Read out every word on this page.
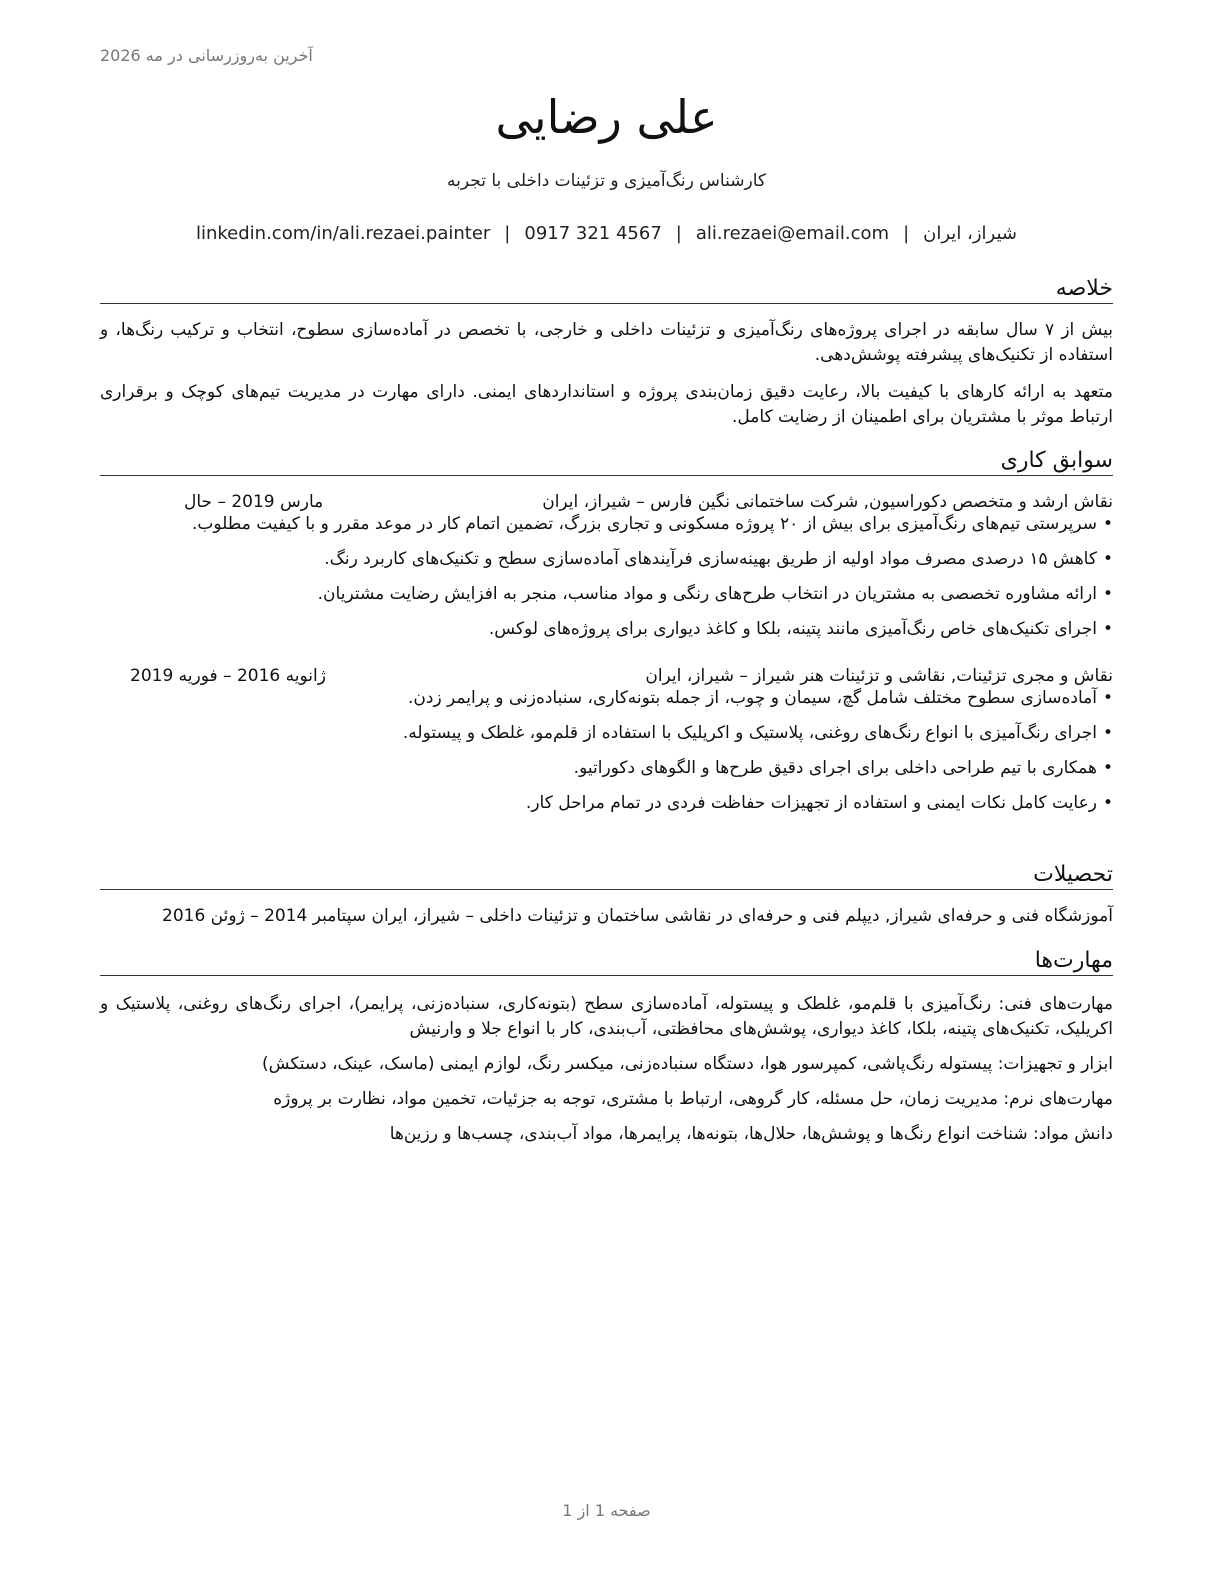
آخرین به‌روزرسانی در مه 2026
علی رضایی
کارشناس رنگ‌آمیزی و تزئینات داخلی با تجربه
شیراز، ایران|ali.rezaei@email.com|0917 321 4567|linkedin.com/in/ali.rezaei.painter
خلاصه

بیش از ۷ سال سابقه در اجرای پروژه‌های رنگ‌آمیزی و تزئینات داخلی و خارجی، با تخصص در آماده‌سازی سطوح، انتخاب و ترکیب رنگ‌ها، و استفاده از تکنیک‌های پیشرفته پوشش‌دهی.

متعهد به ارائه کارهای با کیفیت بالا، رعایت دقیق زمان‌بندی پروژه و استانداردهای ایمنی. دارای مهارت در مدیریت تیم‌های کوچک و برقراری ارتباط موثر با مشتریان برای اطمینان از رضایت کامل.

سوابق کاری
نقاش ارشد و متخصص دکوراسیون, شرکت ساختمانی نگین فارس – شیراز، ایران
مارس 2019 – حال
•سرپرستی تیم‌های رنگ‌آمیزی برای بیش از ۲۰ پروژه مسکونی و تجاری بزرگ، تضمین اتمام کار در موعد مقرر و با کیفیت مطلوب.
•کاهش ۱۵ درصدی مصرف مواد اولیه از طریق بهینه‌سازی فرآیندهای آماده‌سازی سطح و تکنیک‌های کاربرد رنگ.
•ارائه مشاوره تخصصی به مشتریان در انتخاب طرح‌های رنگی و مواد مناسب، منجر به افزایش رضایت مشتریان.
•اجرای تکنیک‌های خاص رنگ‌آمیزی مانند پتینه، بلکا و کاغذ دیواری برای پروژه‌های لوکس.
نقاش و مجری تزئینات, نقاشی و تزئینات هنر شیراز – شیراز، ایران
ژانویه 2016 – فوریه 2019
•آماده‌سازی سطوح مختلف شامل گچ، سیمان و چوب، از جمله بتونه‌کاری، سنباده‌زنی و پرایمر زدن.
•اجرای رنگ‌آمیزی با انواع رنگ‌های روغنی، پلاستیک و اکریلیک با استفاده از قلم‌مو، غلطک و پیستوله.
•همکاری با تیم طراحی داخلی برای اجرای دقیق طرح‌ها و الگوهای دکوراتیو.
•رعایت کامل نکات ایمنی و استفاده از تجهیزات حفاظت فردی در تمام مراحل کار.
تحصیلات

آموزشگاه فنی و حرفه‌ای شیراز, دیپلم فنی و حرفه‌ای در نقاشی ساختمان و تزئینات داخلی – شیراز، ایران سپتامبر 2014 – ژوئن 2016

مهارت‌ها

مهارت‌های فنی: رنگ‌آمیزی با قلم‌مو، غلطک و پیستوله، آماده‌سازی سطح (بتونه‌کاری، سنباده‌زنی، پرایمر)، اجرای رنگ‌های روغنی، پلاستیک و اکریلیک، تکنیک‌های پتینه، بلکا، کاغذ دیواری، پوشش‌های محافظتی، آب‌بندی، کار با انواع جلا و وارنیش

ابزار و تجهیزات: پیستوله رنگ‌پاشی، کمپرسور هوا، دستگاه سنباده‌زنی، میکسر رنگ، لوازم ایمنی (ماسک، عینک، دستکش)

مهارت‌های نرم: مدیریت زمان، حل مسئله، کار گروهی، ارتباط با مشتری، توجه به جزئیات، تخمین مواد، نظارت بر پروژه

دانش مواد: شناخت انواع رنگ‌ها و پوشش‌ها، حلال‌ها، بتونه‌ها، پرایمرها، مواد آب‌بندی، چسب‌ها و رزین‌ها

صفحه 1 از 1
